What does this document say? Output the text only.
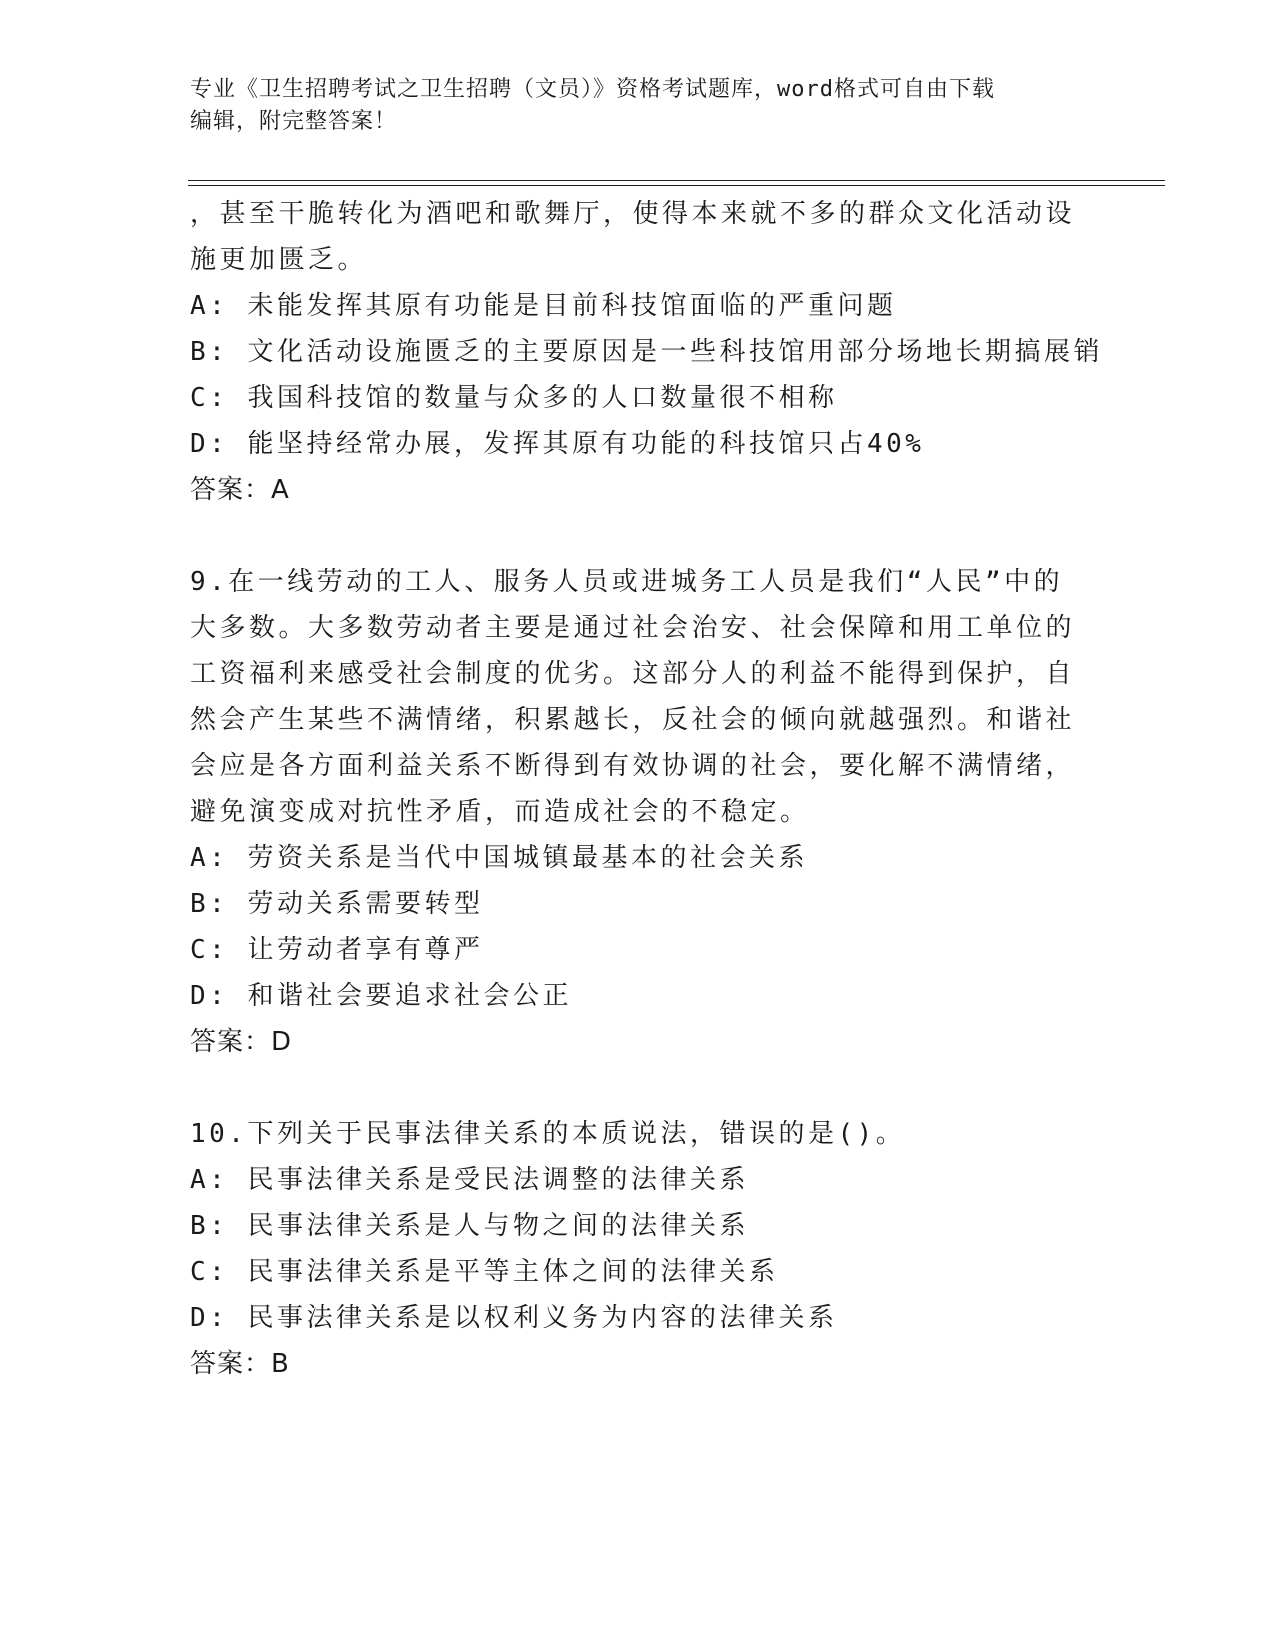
专业《卫生招聘考试之卫生招聘（文员）》资格考试题库，word格式可自由下载
编辑，附完整答案！

，甚至干脆转化为酒吧和歌舞厅，使得本来就不多的群众文化活动设

施更加匮乏。

A: 未能发挥其原有功能是目前科技馆面临的严重问题

B: 文化活动设施匮乏的主要原因是一些科技馆用部分场地长期搞展销

C: 我国科技馆的数量与众多的人口数量很不相称

D: 能坚持经常办展，发挥其原有功能的科技馆只占40%

答案：A

9.在一线劳动的工人、服务人员或进城务工人员是我们“人民”中的

大多数。大多数劳动者主要是通过社会治安、社会保障和用工单位的

工资福利来感受社会制度的优劣。这部分人的利益不能得到保护，自

然会产生某些不满情绪，积累越长，反社会的倾向就越强烈。和谐社

会应是各方面利益关系不断得到有效协调的社会，要化解不满情绪，

避免演变成对抗性矛盾，而造成社会的不稳定。

A: 劳资关系是当代中国城镇最基本的社会关系

B: 劳动关系需要转型

C: 让劳动者享有尊严

D: 和谐社会要追求社会公正

答案：D

10.下列关于民事法律关系的本质说法，错误的是()。

A: 民事法律关系是受民法调整的法律关系

B: 民事法律关系是人与物之间的法律关系

C: 民事法律关系是平等主体之间的法律关系

D: 民事法律关系是以权利义务为内容的法律关系

答案：B
